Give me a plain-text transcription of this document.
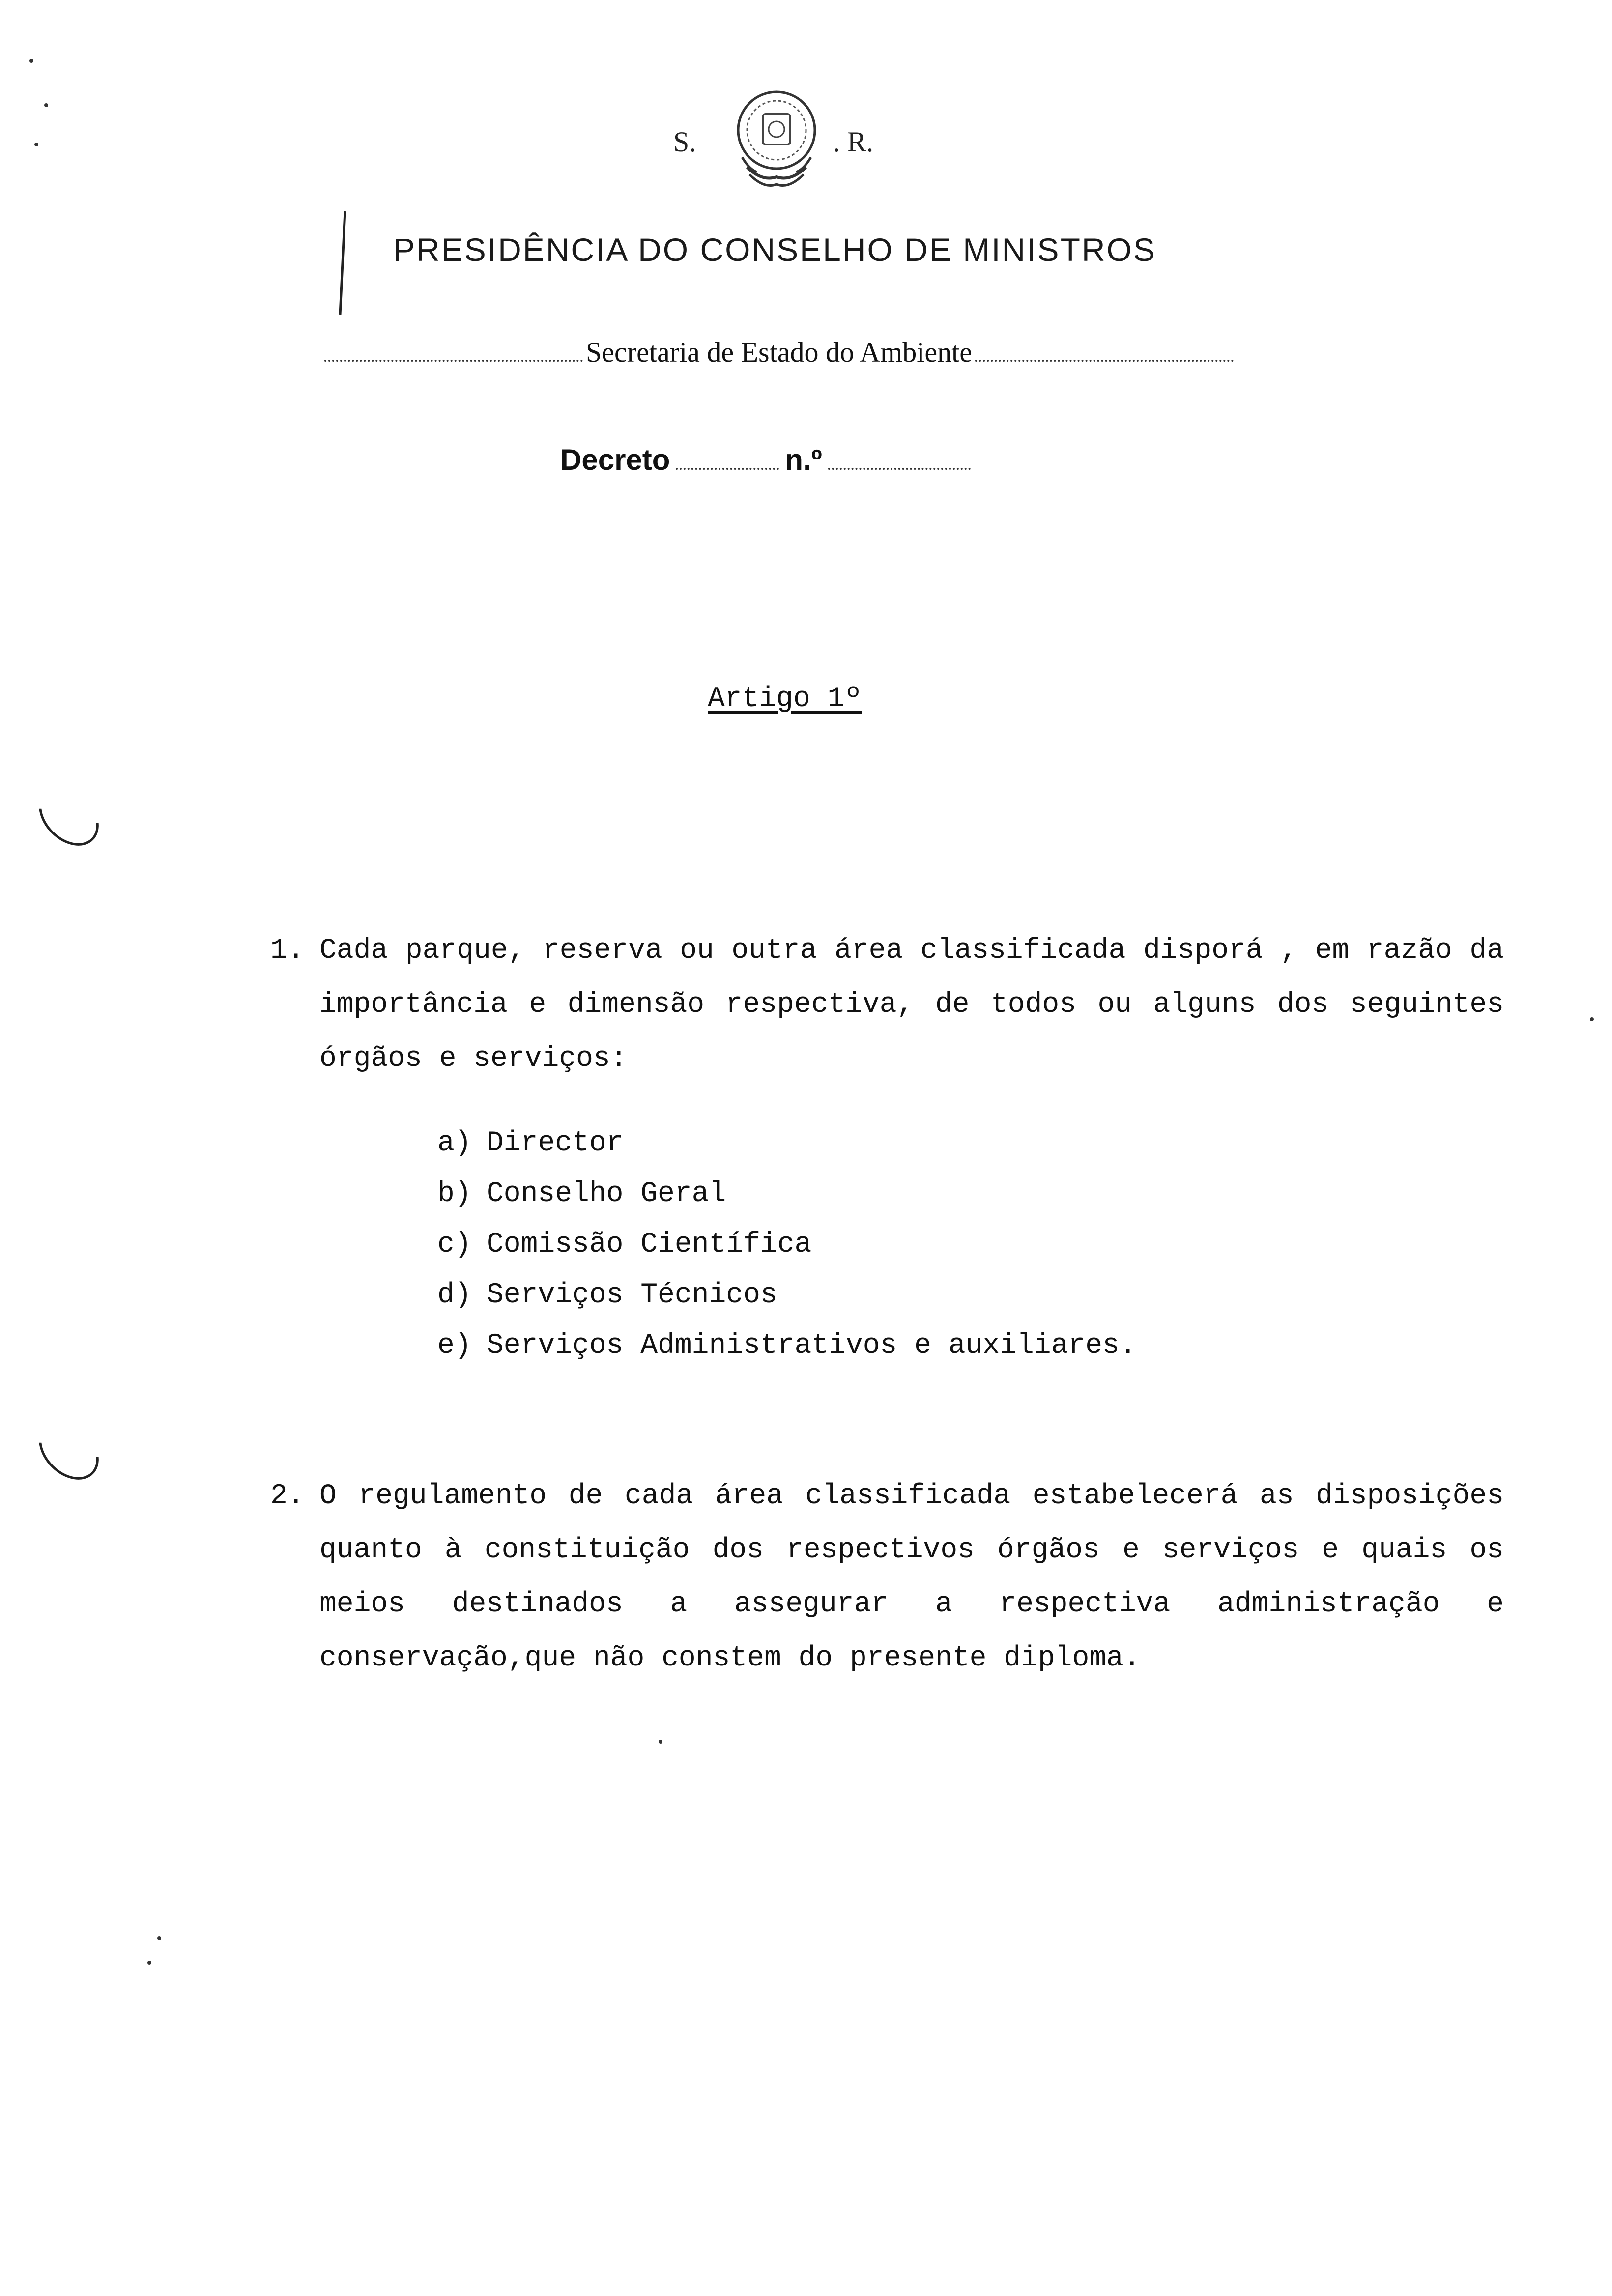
S.	. R.
PRESIDÊNCIA DO CONSELHO DE MINISTROS
Secretaria de Estado do Ambiente
Decreto	n.º
Artigo 1º
1. Cada parque, reserva ou outra área classificada disporá , em razão da importância e dimensão respectiva, de todos ou alguns dos seguintes órgãos e serviços:
a) Director
b) Conselho Geral
c) Comissão Científica
d) Serviços Técnicos
e) Serviços Administrativos e auxiliares.
2. O regulamento de cada área classificada estabelecerá as disposições quanto à constituição dos respectivos órgãos e serviços e quais os meios destinados a assegurar a respectiva administração e conservação,que não constem do presente diploma.
